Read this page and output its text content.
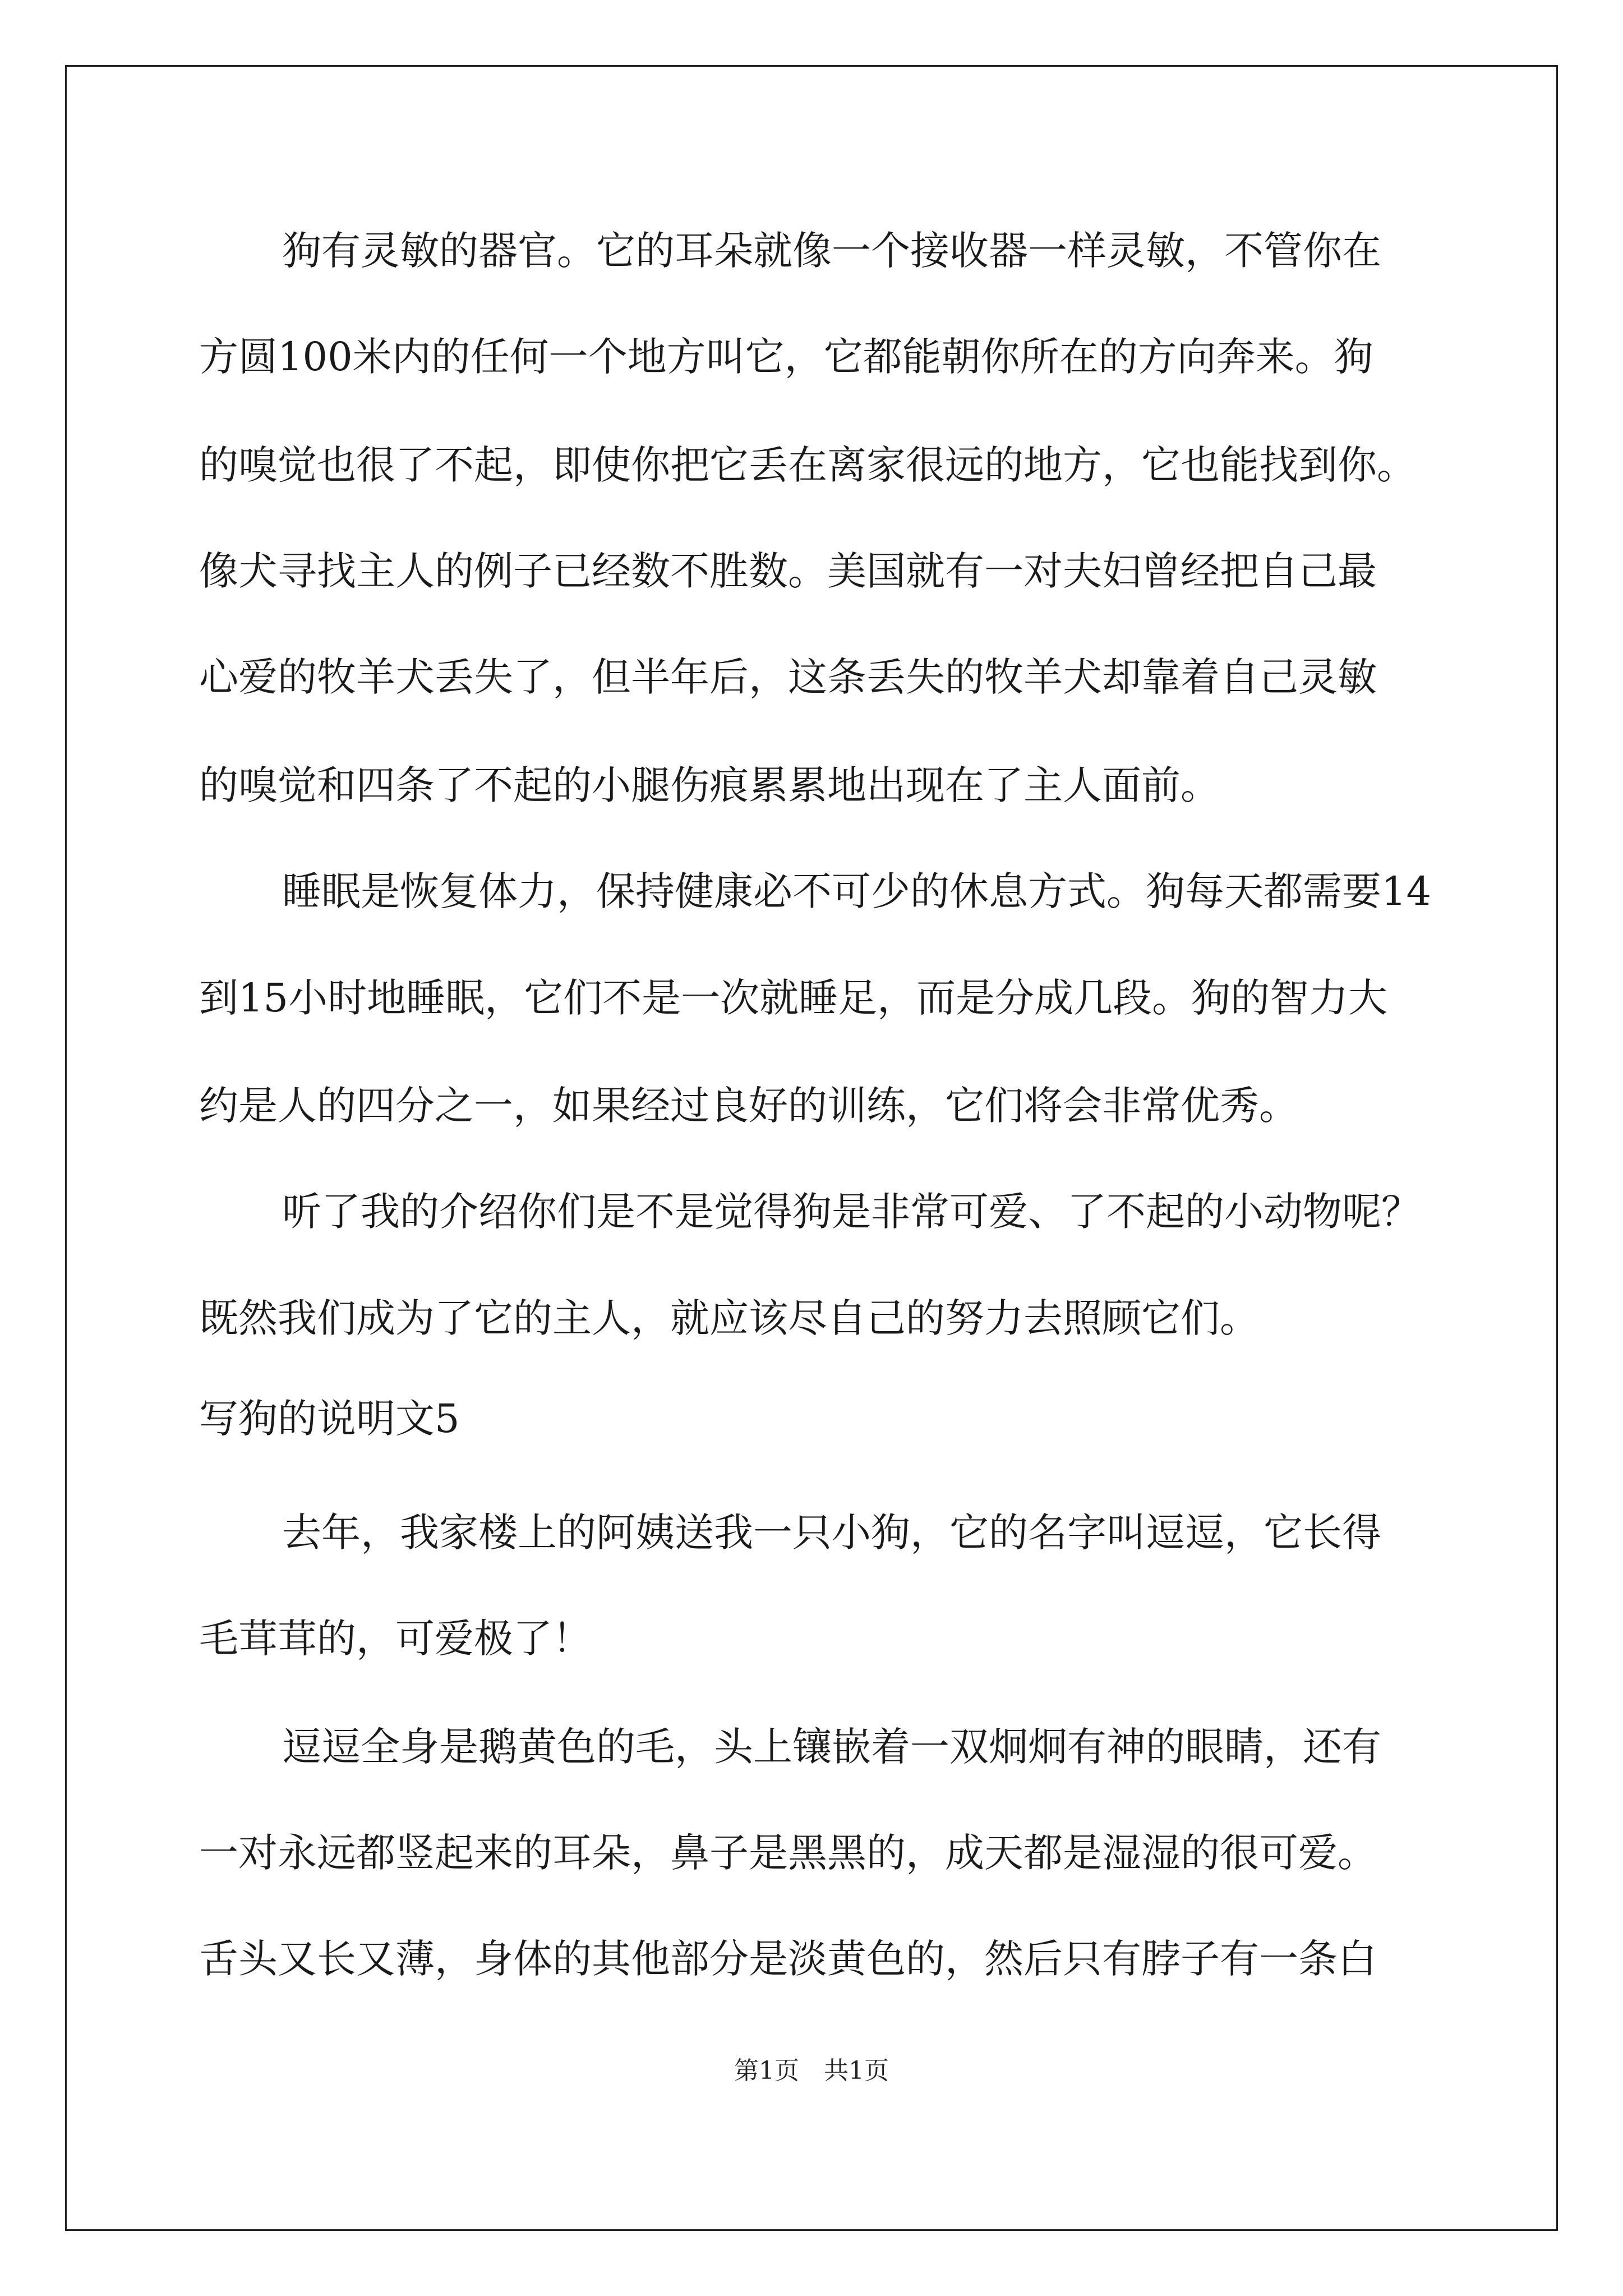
狗有灵敏的器官。它的耳朵就像一个接收器一样灵敏，不管你在
方圆100米内的任何一个地方叫它，它都能朝你所在的方向奔来。狗
的嗅觉也很了不起，即使你把它丢在离家很远的地方，它也能找到你。
像犬寻找主人的例子已经数不胜数。美国就有一对夫妇曾经把自己最
心爱的牧羊犬丢失了，但半年后，这条丢失的牧羊犬却靠着自己灵敏
的嗅觉和四条了不起的小腿伤痕累累地出现在了主人面前。
睡眠是恢复体力，保持健康必不可少的休息方式。狗每天都需要14
到15小时地睡眠，它们不是一次就睡足，而是分成几段。狗的智力大
约是人的四分之一，如果经过良好的训练，它们将会非常优秀。
听了我的介绍你们是不是觉得狗是非常可爱、了不起的小动物呢？
既然我们成为了它的主人，就应该尽自己的努力去照顾它们。
写狗的说明文5
去年，我家楼上的阿姨送我一只小狗，它的名字叫逗逗，它长得
毛茸茸的，可爱极了！
逗逗全身是鹅黄色的毛，头上镶嵌着一双炯炯有神的眼睛，还有
一对永远都竖起来的耳朵，鼻子是黑黑的，成天都是湿湿的很可爱。
舌头又长又薄，身体的其他部分是淡黄色的，然后只有脖子有一条白
第1页　共1页
